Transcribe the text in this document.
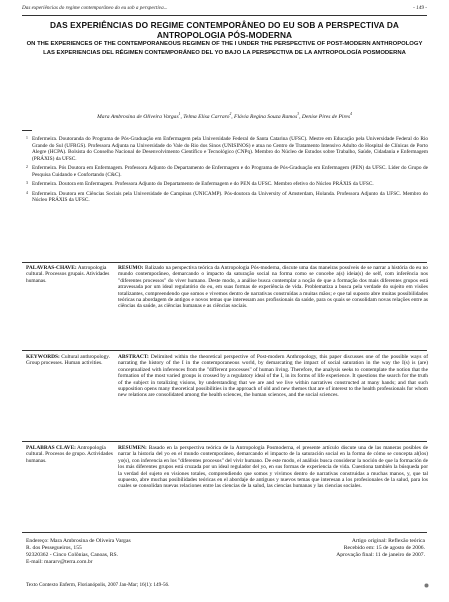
Das experiências do regime contemporâneo do eu sob a perspectiva...	- 149 -
DAS EXPERIÊNCIAS DO REGIME CONTEMPORÂNEO DO EU SOB A PERSPECTIVA DA ANTROPOLOGIA PÓS-MODERNA
ON THE EXPERIENCES OF THE CONTEMPORANEOUS REGIMEN OF THE I UNDER THE PERSPECTIVE OF POST-MODERN ANTHROPOLOGY
LAS EXPERIENCIAS DEL RÉGIMEN CONTEMPORÁNEO DEL YO BAJO LA PERSPECTIVA DE LA ANTROPOLOGÍA POSMODERNA
Mara Ambrosina de Oliveira Vargas$^1$, Telma Elisa Carraro$^2$, Flávia Regina Souza Ramos$^3$, Denise Pires de Pires$^4$
1 Enfermeira. Doutoranda do Programa de Pós-Graduação em Enfermagem pela Universidade Federal de Santa Catarina (UFSC). Mestre em Educação pela Universidade Federal do Rio Grande do Sul (UFRGS). Professora Adjunta na Universidade do Vale do Rio dos Sinos (UNISINOS) e atua no Centro de Tratamento Intensivo Adulto do Hospital de Clínicas de Porto Alegre (HCPA). Bolsista do Conselho Nacional de Desenvolvimento Científico e Tecnológico (CNPq). Membro do Núcleo de Estudos sobre Trabalho, Saúde, Cidadania e Enfermagem (PRÁXIS) da UFSC.
2 Enfermeira. Pós Doutora em Enfermagem. Professora Adjunto do Departamento de Enfermagem e do Programa de Pós-Graduação em Enfermagem (PEN) da UFSC. Líder do Grupo de Pesquisa Cuidando e Confortando (C&C).
3 Enfermeira. Doutora em Enfermagem. Professora Adjunto do Departamento de Enfermagem e do PEN da UFSC. Membro efetivo do Núcleo PRÁXIS da UFSC.
4 Enfermeira. Doutora em Ciências Sociais pela Universidade de Campinas (UNICAMP). Pós-doutora da University of Amsterdam, Holanda. Professora Adjunto da UFSC. Membro do Núcleo PRÁXIS da UFSC.
PALAVRAS-CHAVE: Antropologia cultural. Processos grupais. Atividades humanas.
RESUMO: Balizado na perspectiva teórica da Antropologia Pós-moderna, discute uma das maneiras possíveis de se narrar a história do eu no mundo contemporâneo, demarcando o impacto da saturação social na forma como se concebe a(s) ideia(s) de self, com inferência nos "diferentes processos" do viver humano. Deste modo, a análise busca contemplar a noção de que a formação dos mais diferentes grupos está atravessada por um ideal regulatório do eu, em suas formas de experiência de vida. Problematiza a busca pela verdade do sujeito em visões totalizantes, compreendendo que somos e vivemos dentro de narrativas construídas a muitas mãos; e que tal suposto abre muitas possibilidades teóricas na abordagem de antigos e novos temas que interessam aos profissionais da saúde, para os quais se consolidam novas relações entre as ciências da saúde, as ciências humanas e as ciências sociais.
KEYWORDS: Cultural anthropology. Group processes. Human activities.
ABSTRACT: Delimited within the theoretical perspective of Post-modern Anthropology, this paper discusses one of the possible ways of narrating the history of the I in the contemporaneous world, by demarcating the impact of social saturation in the way the I(s) is (are) conceptualized with inferences from the "different processes" of human living. Therefore, the analysis seeks to contemplate the notion that the formation of the most varied groups is crossed by a regulatory ideal of the I, in its forms of life experience. It questions the search for the truth of the subject in totalizing visions, by understanding that we are and we live within narratives constructed at many hands; and that such supposition opens many theoretical possibilities in the approach of old and new themes that are of interest to the health professionals for whom new relations are consolidated among the health sciences, the human sciences, and the social sciences.
PALABRAS CLAVE: Antropología cultural. Procesos de grupo. Actividades humanas.
RESUMEN: Basado en la perspectiva teórica de la Antropología Posmoderna, el presente artículo discute una de las maneras posibles de narrar la historia del yo en el mundo contemporáneo, demarcando el impacto de la saturación social en la forma de cómo se concepta al(los) yo(s), con inferencia en los "diferentes procesos" del vivir humano. De este modo, el análisis busca considerar la noción de que la formación de los más diferentes grupos está cruzada por un ideal regulador del yo, en sus formas de experiencia de vida. Cuestiona también la búsqueda por la verdad del sujeto en visiones totales, comprendiendo que somos y vivimos dentro de narrativas construidas a muchas manos, y, que tal supuesto, abre muchas posibilidades teóricas en el abordaje de antiguos y nuevos temas que interesan a los profesionales de la salud, para los cuales se consolidan nuevas relaciones entre las ciencias de la salud, las ciencias humanas y las ciencias sociales.
Endereço: Mara Ambrosina de Oliveira Vargas
R. dos Pessegueiros, 155
92320362 - Cinco Colônias, Canoas, RS.
E-mail: mararv@terra.com.br
Artigo original: Reflexão teórica
Recebido em: 15 de agosto de 2006.
Aprovação final: 11 de janeiro de 2007.
Texto Contexto Enferm, Florianópolis, 2007 Jan-Mar; 16(1): 149-56.
